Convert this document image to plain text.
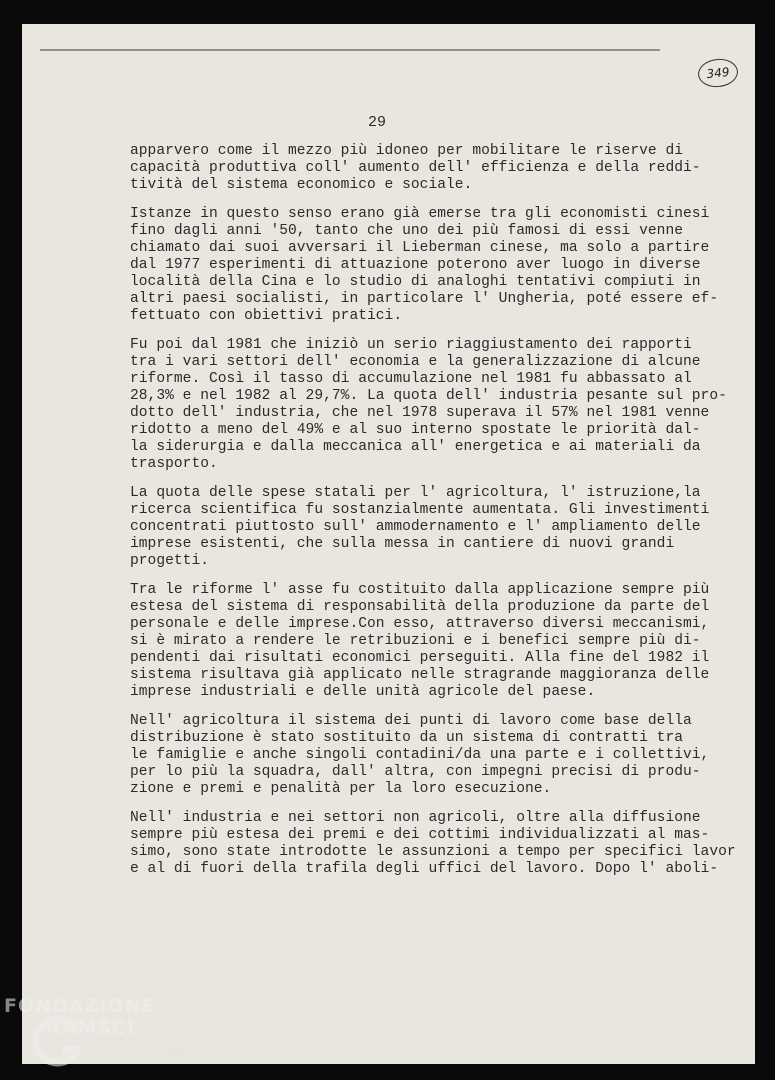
349
29
apparvero come il mezzo più idoneo per mobilitare le riserve di
capacità produttiva coll' aumento dell' efficienza e della reddi-
tività del sistema economico e sociale.
Istanze in questo senso erano già emerse tra gli economisti cinesi
fino dagli anni '50, tanto che uno dei più famosi di essi venne
chiamato dai suoi avversari il Lieberman cinese, ma solo a partire
dal 1977 esperimenti di attuazione poterono aver luogo in diverse
località della Cina e lo studio di analoghi tentativi compiuti in
altri paesi socialisti, in particolare l' Ungheria, poté essere ef-
fettuato con obiettivi pratici.
Fu poi dal 1981 che iniziò un serio riaggiustamento dei rapporti
tra i vari settori dell' economia e la generalizzazione di alcune
riforme. Così il tasso di accumulazione nel 1981 fu abbassato al
28,3% e nel 1982 al 29,7%. La quota dell' industria pesante sul pro-
dotto dell' industria, che nel 1978 superava il 57% nel 1981 venne
ridotto a meno del 49% e al suo interno spostate le priorità dal-
la siderurgia e dalla meccanica all' energetica e ai materiali da
trasporto.
La quota delle spese statali per l' agricoltura, l' istruzione,la
ricerca scientifica fu sostanzialmente aumentata. Gli investimenti
concentrati piuttosto sull' ammodernamento e l' ampliamento delle
imprese esistenti, che sulla messa in cantiere di nuovi grandi
progetti.
Tra le riforme l' asse fu costituito dalla applicazione sempre più
estesa del sistema di responsabilità della produzione da parte del
personale e delle imprese.Con esso, attraverso diversi meccanismi,
si è mirato a rendere le retribuzioni e i benefici sempre più di-
pendenti dai risultati economici perseguiti. Alla fine del 1982 il
sistema risultava già applicato nelle stragrande maggioranza delle
imprese industriali e delle unità agricole del paese.
Nell' agricoltura il sistema dei punti di lavoro come base della
distribuzione è stato sostituito da un sistema di contratti tra
le famiglie e anche singoli contadini/da una parte e i collettivi,
per lo più la squadra, dall' altra, con impegni precisi di produ-
zione e premi e penalità per la loro esecuzione.
Nell' industria e nei settori non agricoli, oltre alla diffusione
sempre più estesa dei premi e dei cottimi individualizzati al mas-
simo, sono state introdotte le assunzioni a tempo per specifici lavor
e al di fuori della trafila degli uffici del lavoro. Dopo l' aboli-
FONDAZIONE
RAMSCI
onlus
